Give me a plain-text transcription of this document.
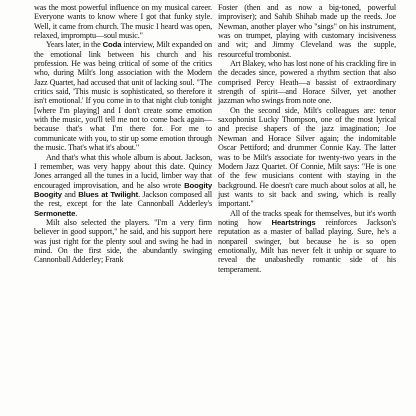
was the most powerful influence on my musical career. Everyone wants to know where I got that funky style. Well, it came from church. The music I heard was open, relaxed, impromptu—soul music."

Years later, in the Coda interview, Milt expanded on the emotional link between his church and his profession. He was being critical of some of the critics who, during Milt's long association with the Modern Jazz Quartet, had accused that unit of lacking soul. "The critics said, 'This music is sophisticated, so therefore it isn't emotional.' If you come in to that night club tonight [where I'm playing] and I don't create some emotion with the music, you'll tell me not to come back again—because that's what I'm there for. For me to communicate with you, to stir up some emotion through the music. That's what it's about."

And that's what this whole album is about. Jackson, I remember, was very happy about this date. Quincy Jones arranged all the tunes in a lucid, limber way that encouraged improvisation, and he also wrote Boogity Boogity and Blues at Twilight. Jackson composed all the rest, except for the late Cannonball Adderley's Sermonette.

Milt also selected the players. "I'm a very firm believer in good support," he said, and his support here was just right for the plenty soul and swing he had in mind. On the first side, the abundantly swinging Cannonball Adderley; Frank

Foster (then and as now a big-toned, powerful improviser); and Sahib Shihab made up the reeds. Joe Newman, another player who "sings" on his instrument, was on trumpet, playing with customary incisiveness and wit; and Jimmy Cleveland was the supple, resourceful trombonist.

Art Blakey, who has lost none of his crackling fire in the decades since, powered a rhythm section that also comprised Percy Heath—a bassist of extraordinary strength of spirit—and Horace Silver, yet another jazzman who swings from note one.

On the second side, Milt's colleagues are: tenor saxophonist Lucky Thompson, one of the most lyrical and precise shapers of the jazz imagination; Joe Newman and Horace Silver again; the indomitable Oscar Pettiford; and drummer Connie Kay. The latter was to be Milt's associate for twenty-two years in the Modern Jazz Quartet. Of Connie, Milt says: "He is one of the few musicians content with staying in the background. He doesn't care much about solos at all, he just wants to sit back and swing, which is really important."

All of the tracks speak for themselves, but it's worth noting how Heartstrings reinforces Jackson's reputation as a master of ballad playing. Sure, he's a nonpareil swinger, but because he is so open emotionally, Milt has never felt it unhip or square to reveal the unabashedly romantic side of his temperament.
